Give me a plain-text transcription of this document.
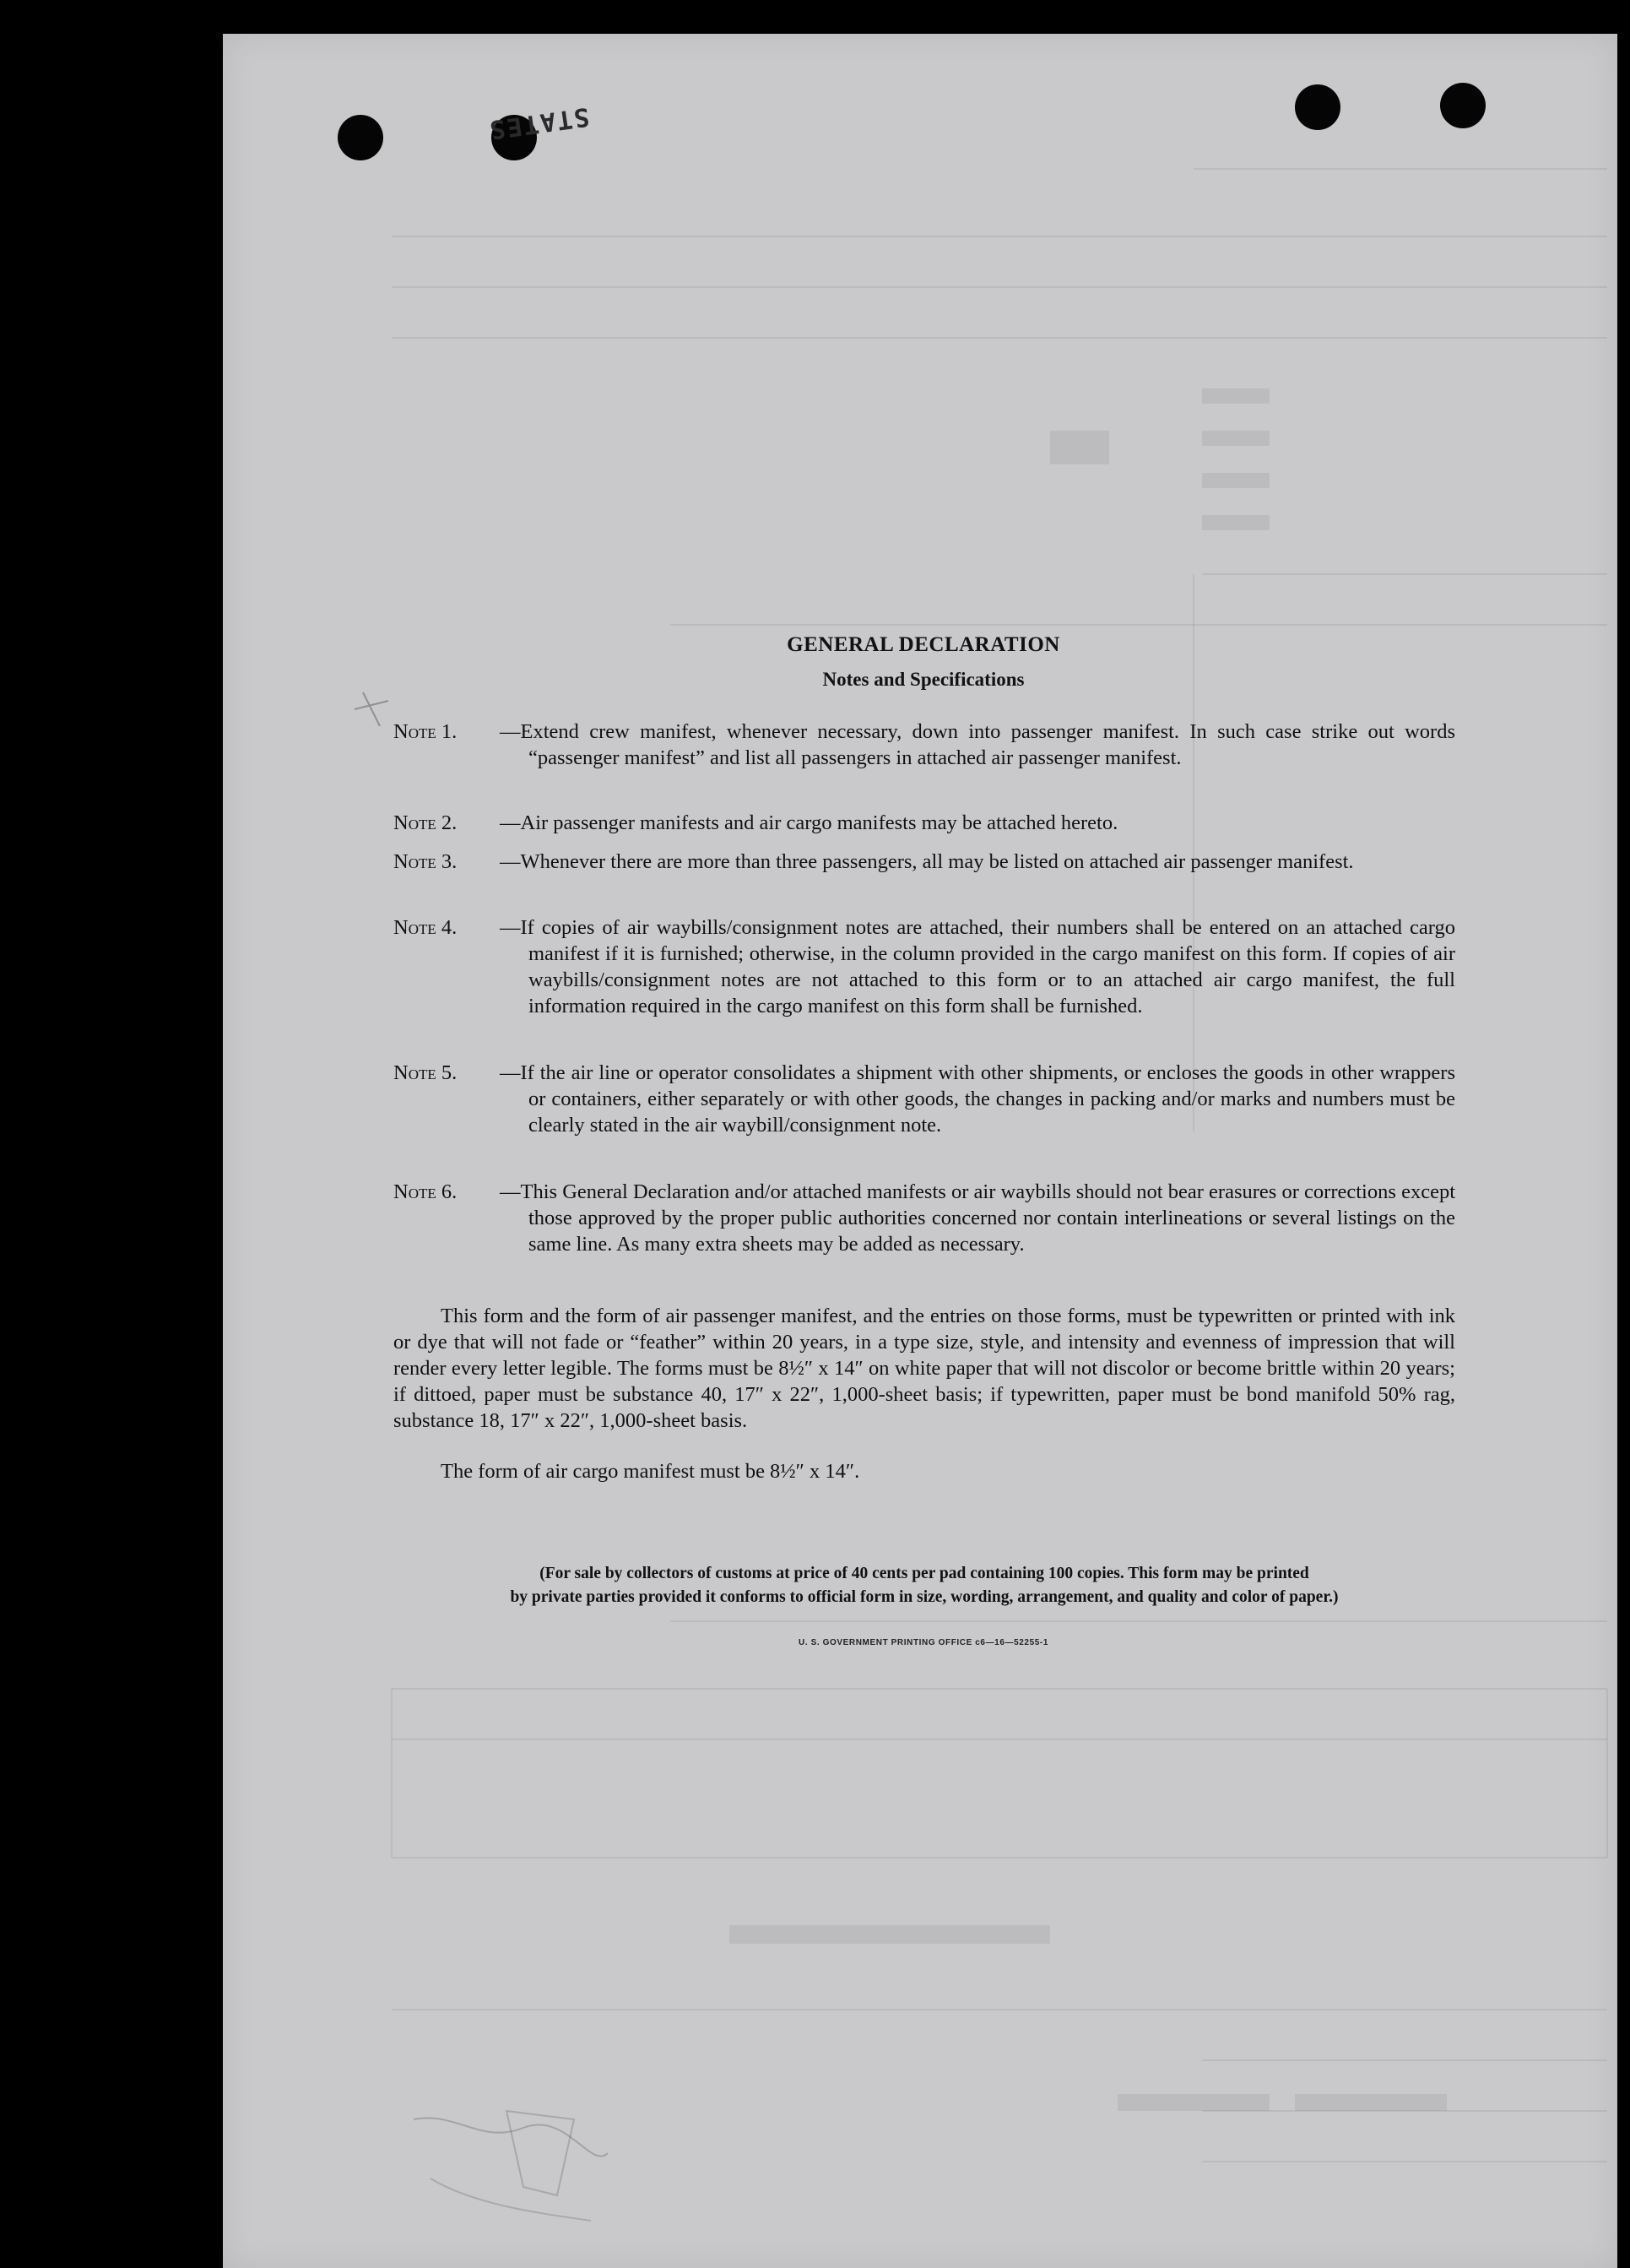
STATES
GENERAL DECLARATION
Notes and Specifications
Note 1.	—Extend crew manifest, whenever necessary, down into passenger manifest. In such case strike out words “passenger manifest” and list all passengers in attached air passenger manifest.
Note 2.	—Air passenger manifests and air cargo manifests may be attached hereto.
Note 3.	—Whenever there are more than three passengers, all may be listed on attached air passenger manifest.
Note 4.	—If copies of air waybills/consignment notes are attached, their numbers shall be entered on an attached cargo manifest if it is furnished; otherwise, in the column provided in the cargo manifest on this form. If copies of air waybills/consignment notes are not attached to this form or to an attached air cargo manifest, the full information required in the cargo manifest on this form shall be furnished.
Note 5.	—If the air line or operator consolidates a shipment with other shipments, or encloses the goods in other wrappers or containers, either separately or with other goods, the changes in packing and/or marks and numbers must be clearly stated in the air waybill/consignment note.
Note 6.	—This General Declaration and/or attached manifests or air waybills should not bear erasures or corrections except those approved by the proper public authorities concerned nor contain interlineations or several listings on the same line. As many extra sheets may be added as necessary.
This form and the form of air passenger manifest, and the entries on those forms, must be typewritten or printed with ink or dye that will not fade or “feather” within 20 years, in a type size, style, and intensity and evenness of impression that will render every letter legible. The forms must be 8½″ x 14″ on white paper that will not discolor or become brittle within 20 years; if dittoed, paper must be substance 40, 17″ x 22″, 1,000-sheet basis; if typewritten, paper must be bond manifold 50% rag, substance 18, 17″ x 22″, 1,000-sheet basis.
The form of air cargo manifest must be 8½″ x 14″.
(For sale by collectors of customs at price of 40 cents per pad containing 100 copies. This form may be printed
by private parties provided it conforms to official form in size, wording, arrangement, and quality and color of paper.)
U. S. GOVERNMENT PRINTING OFFICE c6—16—52255-1
